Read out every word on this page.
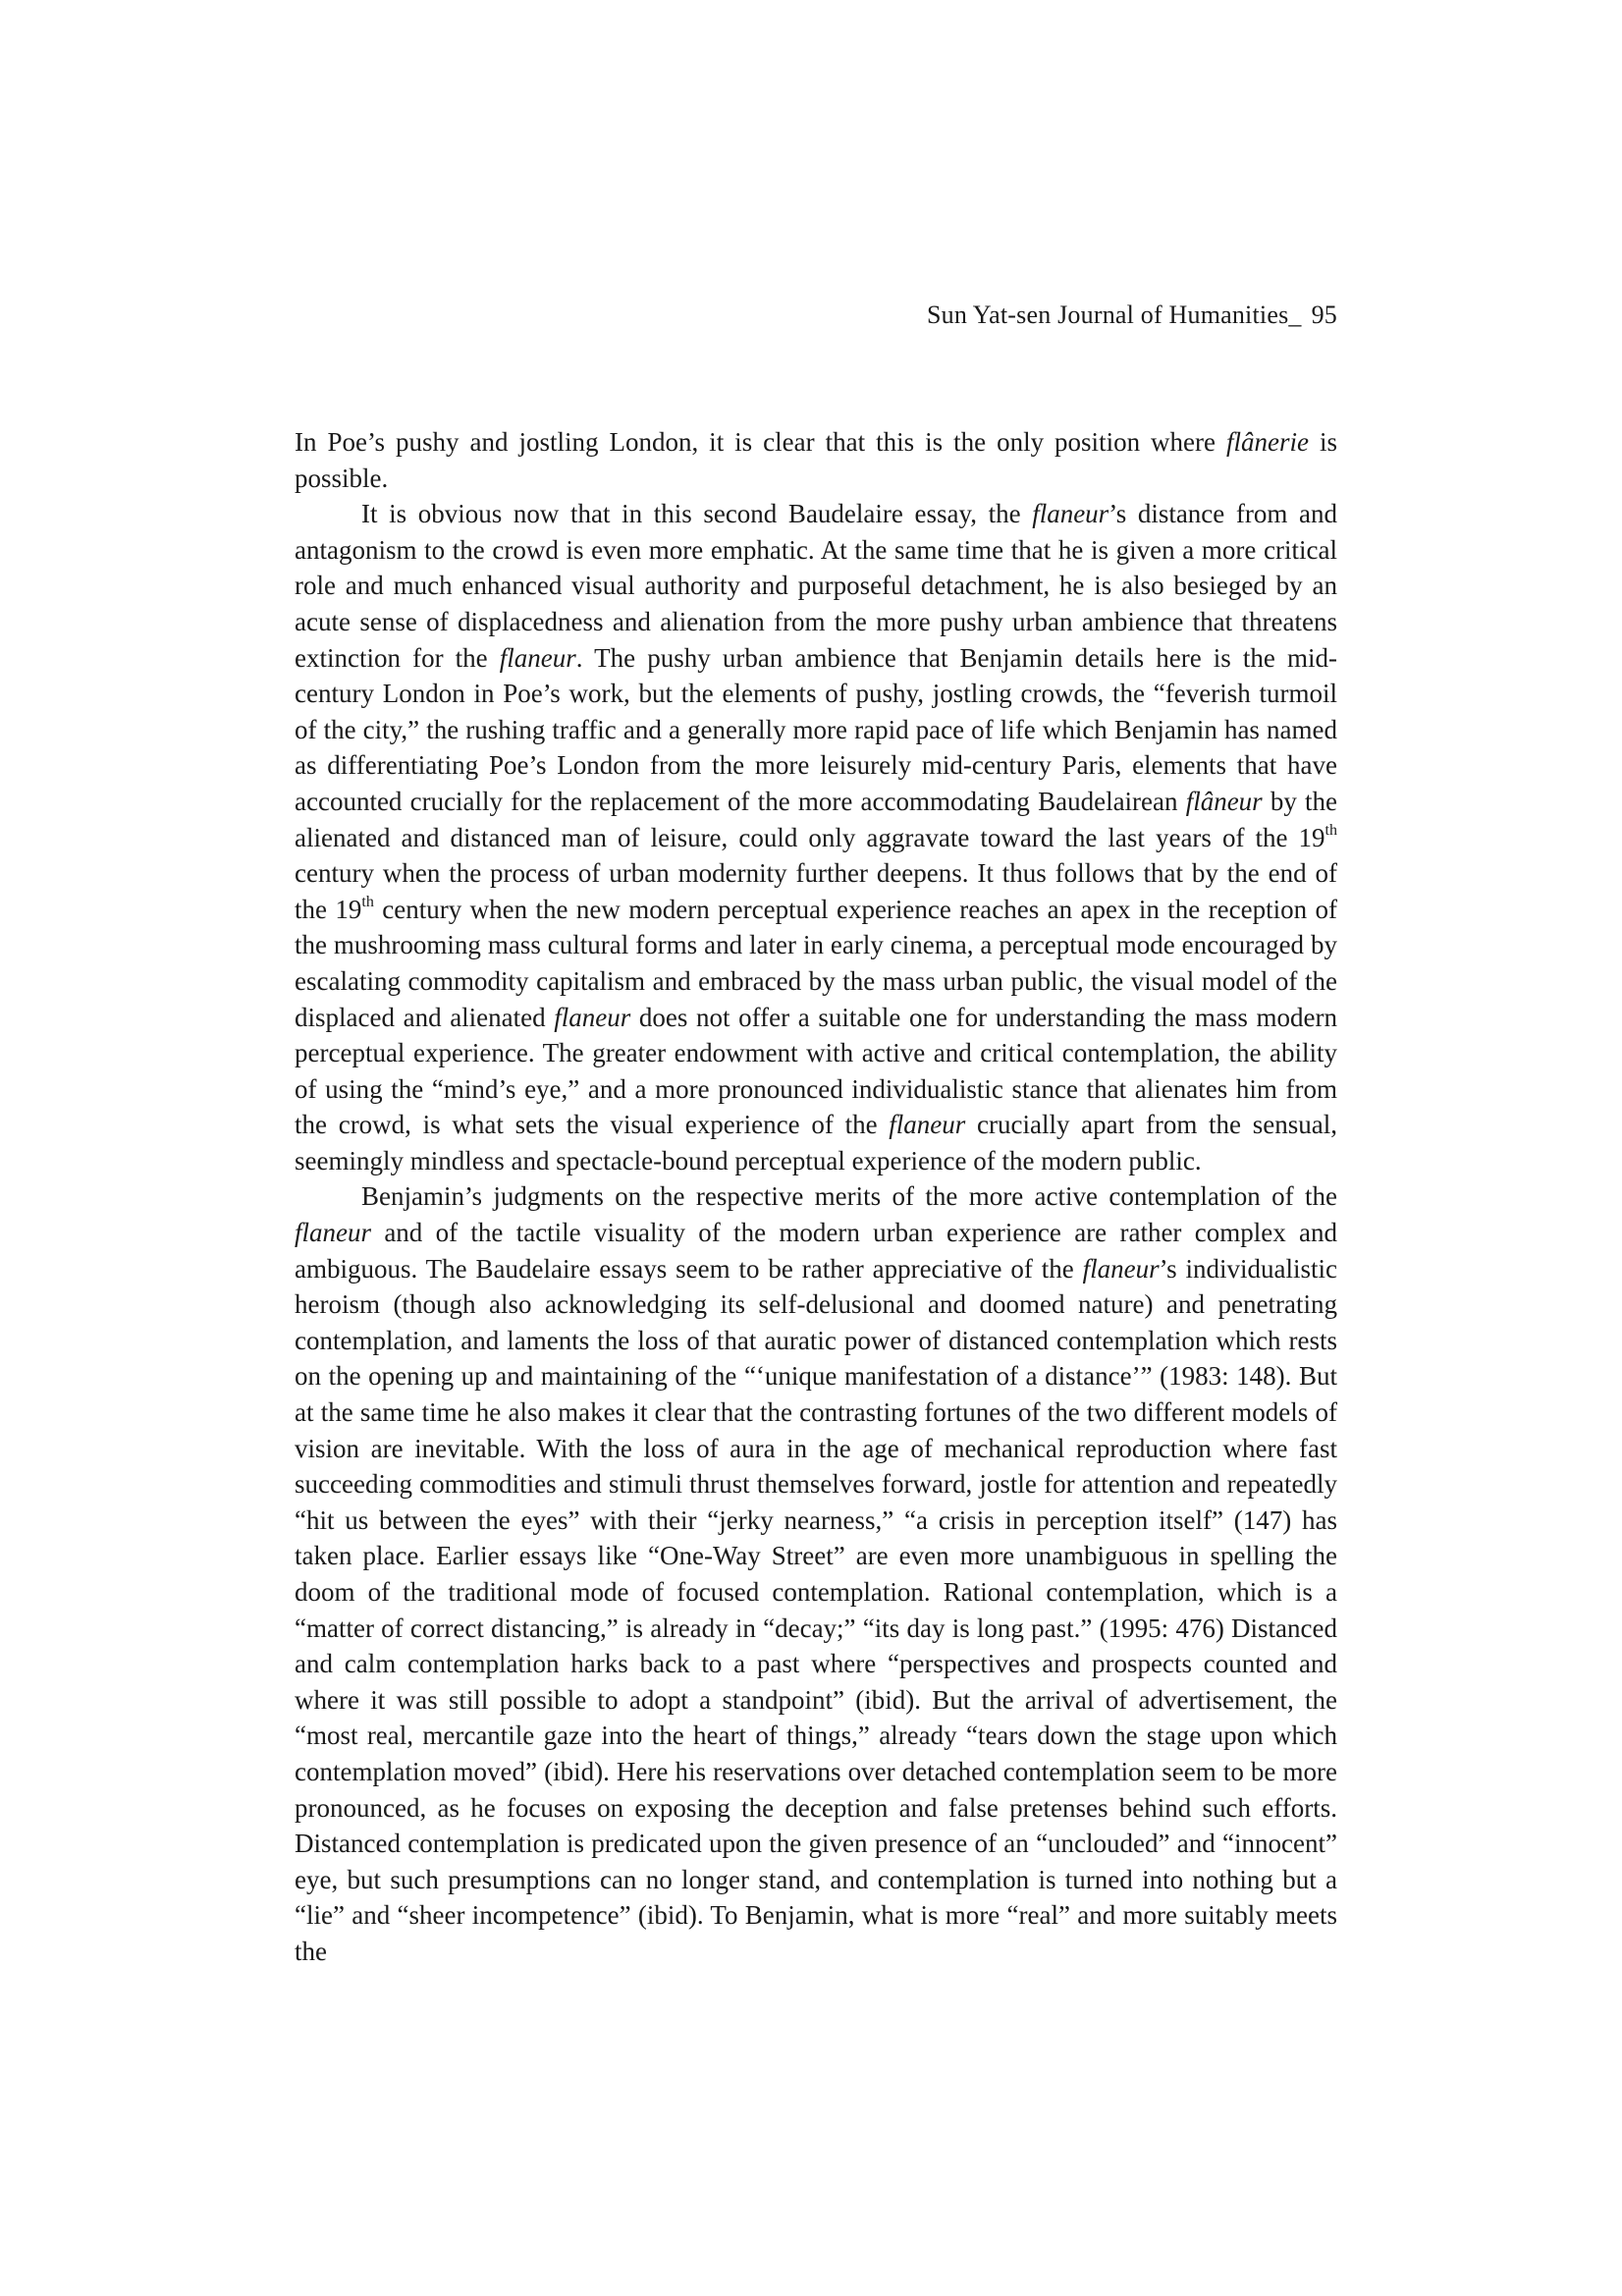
Sun Yat-sen Journal of Humanities_ 95

In Poe’s pushy and jostling London, it is clear that this is the only position where flânerie is possible.

It is obvious now that in this second Baudelaire essay, the flaneur’s distance from and antagonism to the crowd is even more emphatic. At the same time that he is given a more critical role and much enhanced visual authority and purposeful detachment, he is also besieged by an acute sense of displacedness and alienation from the more pushy urban ambience that threatens extinction for the flaneur. The pushy urban ambience that Benjamin details here is the mid-century London in Poe’s work, but the elements of pushy, jostling crowds, the “feverish turmoil of the city,” the rushing traffic and a generally more rapid pace of life which Benjamin has named as differentiating Poe’s London from the more leisurely mid-century Paris, elements that have accounted crucially for the replacement of the more accommodating Baudelairean flâneur by the alienated and distanced man of leisure, could only aggravate toward the last years of the 19th century when the process of urban modernity further deepens. It thus follows that by the end of the 19th century when the new modern perceptual experience reaches an apex in the reception of the mushrooming mass cultural forms and later in early cinema, a perceptual mode encouraged by escalating commodity capitalism and embraced by the mass urban public, the visual model of the displaced and alienated flaneur does not offer a suitable one for understanding the mass modern perceptual experience. The greater endowment with active and critical contemplation, the ability of using the “mind’s eye,” and a more pronounced individualistic stance that alienates him from the crowd, is what sets the visual experience of the flaneur crucially apart from the sensual, seemingly mindless and spectacle-bound perceptual experience of the modern public.

Benjamin’s judgments on the respective merits of the more active contemplation of the flaneur and of the tactile visuality of the modern urban experience are rather complex and ambiguous. The Baudelaire essays seem to be rather appreciative of the flaneur’s individualistic heroism (though also acknowledging its self-delusional and doomed nature) and penetrating contemplation, and laments the loss of that auratic power of distanced contemplation which rests on the opening up and maintaining of the “‘unique manifestation of a distance’” (1983: 148). But at the same time he also makes it clear that the contrasting fortunes of the two different models of vision are inevitable. With the loss of aura in the age of mechanical reproduction where fast succeeding commodities and stimuli thrust themselves forward, jostle for attention and repeatedly “hit us between the eyes” with their “jerky nearness,” “a crisis in perception itself” (147) has taken place. Earlier essays like “One-Way Street” are even more unambiguous in spelling the doom of the traditional mode of focused contemplation. Rational contemplation, which is a “matter of correct distancing,” is already in “decay;” “its day is long past.” (1995: 476) Distanced and calm contemplation harks back to a past where “perspectives and prospects counted and where it was still possible to adopt a standpoint” (ibid). But the arrival of advertisement, the “most real, mercantile gaze into the heart of things,” already “tears down the stage upon which contemplation moved” (ibid). Here his reservations over detached contemplation seem to be more pronounced, as he focuses on exposing the deception and false pretenses behind such efforts. Distanced contemplation is predicated upon the given presence of an “unclouded” and “innocent” eye, but such presumptions can no longer stand, and contemplation is turned into nothing but a “lie” and “sheer incompetence” (ibid). To Benjamin, what is more “real” and more suitably meets the
